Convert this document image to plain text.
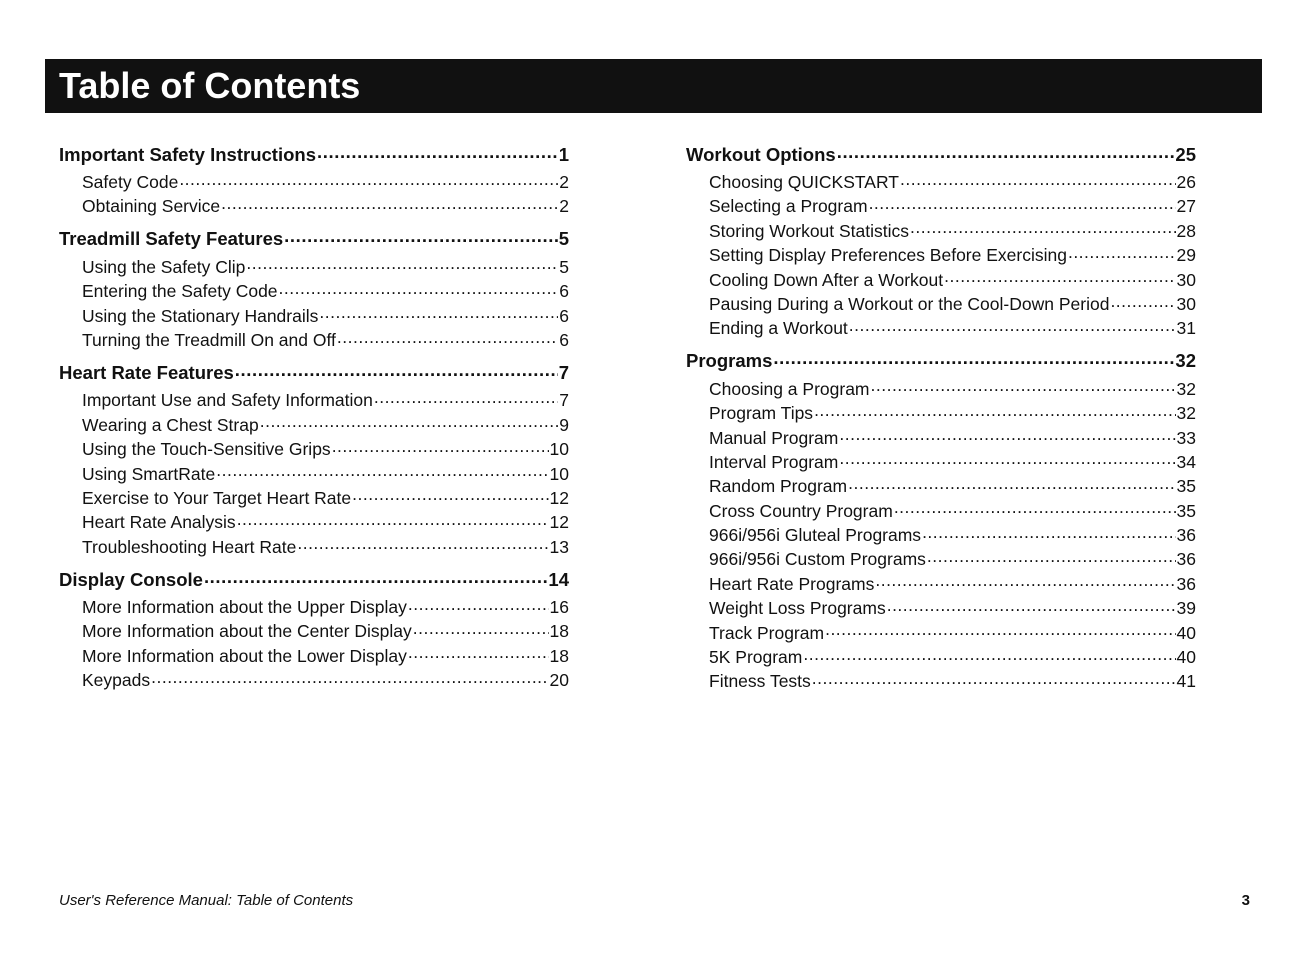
Table of Contents
Important Safety Instructions .....	1
Safety Code .....	2
Obtaining Service .....	2
Treadmill Safety Features .....	5
Using the Safety Clip .....	5
Entering the Safety Code .....	6
Using the Stationary Handrails .....	6
Turning the Treadmill On and Off .....	6
Heart Rate Features .....	7
Important Use and Safety Information .....	7
Wearing a Chest Strap .....	9
Using the Touch-Sensitive Grips .....	10
Using SmartRate .....	10
Exercise to Your Target Heart Rate .....	12
Heart Rate Analysis .....	12
Troubleshooting Heart Rate .....	13
Display Console .....	14
More Information about the Upper Display .....	16
More Information about the Center Display .....	18
More Information about the Lower Display .....	18
Keypads .....	20
Workout Options .....	25
Choosing QUICKSTART .....	26
Selecting a Program .....	27
Storing Workout Statistics .....	28
Setting Display Preferences Before Exercising .....	29
Cooling Down After a Workout .....	30
Pausing During a Workout or the Cool-Down Period .....	30
Ending a Workout .....	31
Programs .....	32
Choosing a Program .....	32
Program Tips .....	32
Manual Program .....	33
Interval Program .....	34
Random Program .....	35
Cross Country Program .....	35
966i/956i Gluteal Programs .....	36
966i/956i Custom Programs .....	36
Heart Rate Programs .....	36
Weight Loss Programs .....	39
Track Program .....	40
5K Program .....	40
Fitness Tests .....	41
User's Reference Manual: Table of Contents	3
